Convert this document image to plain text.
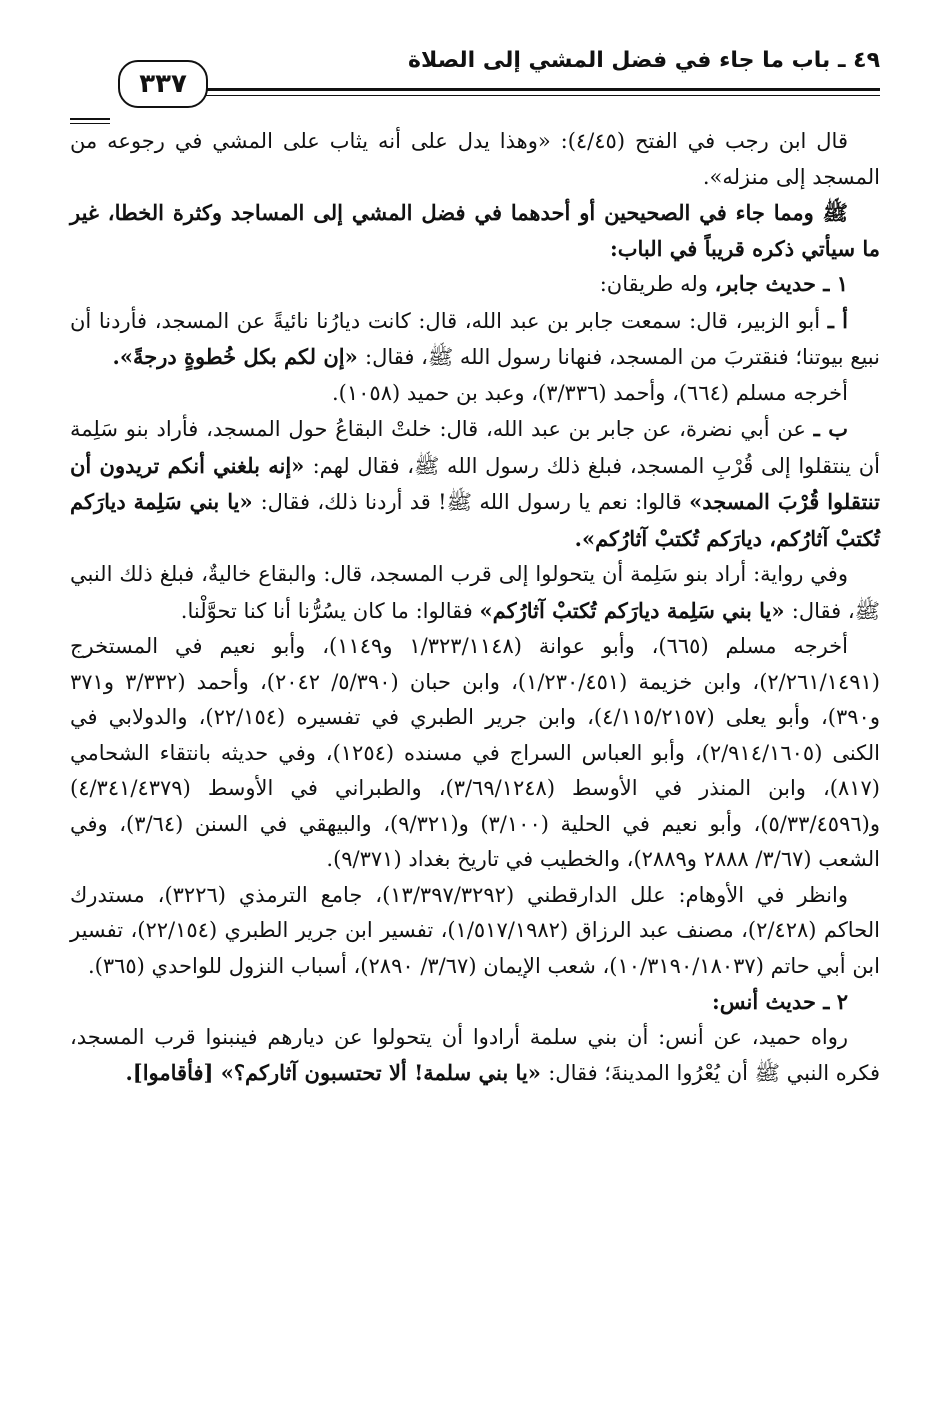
٤٩ ـ باب ما جاء في فضل المشي إلى الصلاة
٣٣٧

قال ابن رجب في الفتح (٤/٤٥): «وهذا يدل على أنه يثاب على المشي في رجوعه من المسجد إلى منزله».

ﷺ ومما جاء في الصحيحين أو أحدهما في فضل المشي إلى المساجد وكثرة الخطا، غير ما سيأتي ذكره قريباً في الباب:

١ ـ حديث جابر، وله طريقان:

أ ـ أبو الزبير، قال: سمعت جابر بن عبد الله، قال: كانت ديارُنا نائيةً عن المسجد، فأردنا أن نبيع بيوتنا؛ فنقتربَ من المسجد، فنهانا رسول الله ﷺ، فقال: «إن لكم بكل خُطوةٍ درجةً».

أخرجه مسلم (٦٦٤)، وأحمد (٣/٣٣٦)، وعبد بن حميد (١٠٥٨).

ب ـ عن أبي نضرة، عن جابر بن عبد الله، قال: خلتْ البقاعُ حول المسجد، فأراد بنو سَلِمة أن ينتقلوا إلى قُرْبِ المسجد، فبلغ ذلك رسول الله ﷺ، فقال لهم: «إنه بلغني أنكم تريدون أن تنتقلوا قُرْبَ المسجد» قالوا: نعم يا رسول الله ﷺ! قد أردنا ذلك، فقال: «يا بني سَلِمة ديارَكم تُكتبْ آثارُكم، ديارَكم تُكتبْ آثارُكم».

وفي رواية: أراد بنو سَلِمة أن يتحولوا إلى قرب المسجد، قال: والبقاع خاليةٌ، فبلغ ذلك النبي ﷺ، فقال: «يا بني سَلِمة ديارَكم تُكتبْ آثارُكم» فقالوا: ما كان يسُرُّنا أنا كنا تحوَّلْنا.

أخرجه مسلم (٦٦٥)، وأبو عوانة (١/٣٢٣/١١٤٨ و١١٤٩)، وأبو نعيم في المستخرج (٢/٢٦١/١٤٩١)، وابن خزيمة (١/٢٣٠/٤٥١)، وابن حبان (٥/٣٩٠/ ٢٠٤٢)، وأحمد (٣/٣٣٢ و٣٧١ و٣٩٠)، وأبو يعلى (٤/١١٥/٢١٥٧)، وابن جرير الطبري في تفسيره (٢٢/١٥٤)، والدولابي في الكنى (٢/٩١٤/١٦٠٥)، وأبو العباس السراج في مسنده (١٢٥٤)، وفي حديثه بانتقاء الشحامي (٨١٧)، وابن المنذر في الأوسط (٣/٦٩/١٢٤٨)، والطبراني في الأوسط (٤/٣٤١/٤٣٧٩) و(٥/٣٣/٤٥٩٦)، وأبو نعيم في الحلية (٣/١٠٠) و(٩/٣٢١)، والبيهقي في السنن (٣/٦٤)، وفي الشعب (٣/٦٧/ ٢٨٨٨ و٢٨٨٩)، والخطيب في تاريخ بغداد (٩/٣٧١).

وانظر في الأوهام: علل الدارقطني (١٣/٣٩٧/٣٢٩٢)، جامع الترمذي (٣٢٢٦)، مستدرك الحاكم (٢/٤٢٨)، مصنف عبد الرزاق (١/٥١٧/١٩٨٢)، تفسير ابن جرير الطبري (٢٢/١٥٤)، تفسير ابن أبي حاتم (١٠/٣١٩٠/١٨٠٣٧)، شعب الإيمان (٣/٦٧/ ٢٨٩٠)، أسباب النزول للواحدي (٣٦٥).

٢ ـ حديث أنس:

رواه حميد، عن أنس: أن بني سلمة أرادوا أن يتحولوا عن ديارهم فينبنوا قرب المسجد، فكره النبي ﷺ أن يُعْرُوا المدينةَ؛ فقال: «يا بني سلمة! ألا تحتسبون آثاركم؟» [فأقاموا].
